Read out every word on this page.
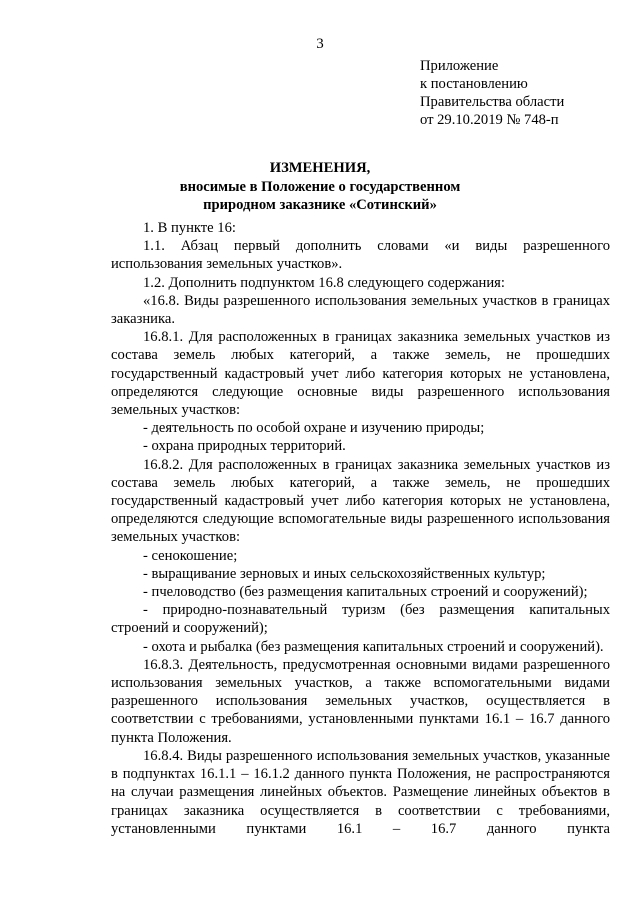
3
Приложение
к постановлению
Правительства области
от 29.10.2019 № 748-п
ИЗМЕНЕНИЯ,
вносимые в Положение о государственном
природном заказнике «Сотинский»

1. В пункте 16:

1.1. Абзац первый дополнить словами «и виды разрешенного использования земельных участков».

1.2. Дополнить подпунктом 16.8 следующего содержания:

«16.8. Виды разрешенного использования земельных участков в границах заказника.

16.8.1. Для расположенных в границах заказника земельных участков из состава земель любых категорий, а также земель, не прошедших государственный кадастровый учет либо категория которых не установлена, определяются следующие основные виды разрешенного использования земельных участков:

- деятельность по особой охране и изучению природы;

- охрана природных территорий.

16.8.2. Для расположенных в границах заказника земельных участков из состава земель любых категорий, а также земель, не прошедших государственный кадастровый учет либо категория которых не установлена, определяются следующие вспомогательные виды разрешенного использования земельных участков:

- сенокошение;

- выращивание зерновых и иных сельскохозяйственных культур;

- пчеловодство (без размещения капитальных строений и сооружений);

- природно-познавательный туризм (без размещения капитальных строений и сооружений);

- охота и рыбалка (без размещения капитальных строений и сооружений).

16.8.3. Деятельность, предусмотренная основными видами разрешенного использования земельных участков, а также вспомогательными видами разрешенного использования земельных участков, осуществляется в соответствии с требованиями, установленными пунктами 16.1 – 16.7 данного пункта Положения.

16.8.4. Виды разрешенного использования земельных участков, указанные в подпунктах 16.1.1 – 16.1.2 данного пункта Положения, не распространяются на случаи размещения линейных объектов. Размещение линейных объектов в границах заказника осуществляется в соответствии с требованиями, установленными пунктами 16.1 – 16.7 данного пункта
